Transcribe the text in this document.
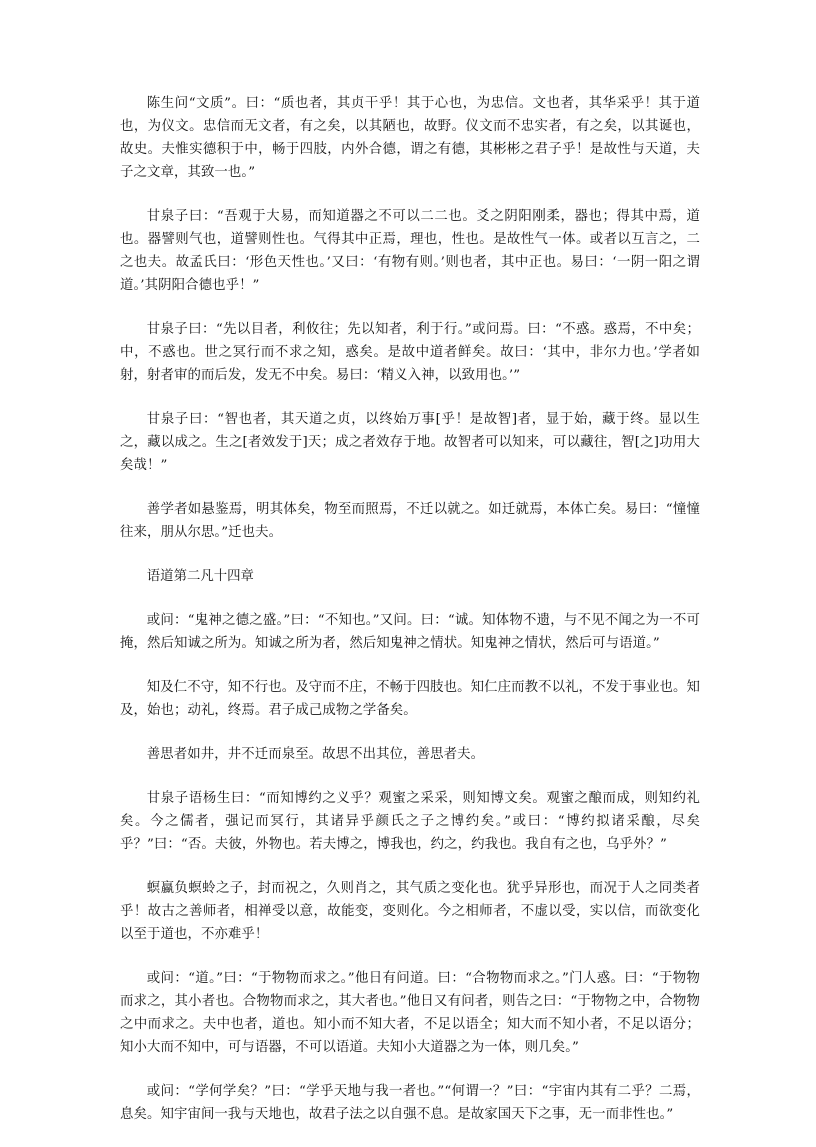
陈生问“文质”。曰：“质也者，其贞干乎！其于心也，为忠信。文也者，其华采乎！其于道也，为仪文。忠信而无文者，有之矣，以其陋也，故野。仪文而不忠实者，有之矣，以其诞也，故史。夫惟实德积于中，畅于四肢，内外合德，谓之有德，其彬彬之君子乎！是故性与天道，夫子之文章，其致一也。”

甘泉子曰：“吾观于大易，而知道器之不可以二二也。爻之阴阳刚柔，器也；得其中焉，道也。器譬则气也，道譬则性也。气得其中正焉，理也，性也。是故性气一体。或者以互言之，二之也夫。故孟氏曰：‘形色天性也。’又曰：‘有物有则。’则也者，其中正也。易曰：‘一阴一阳之谓道。’其阴阳合德也乎！”

甘泉子曰：“先以目者，利攸往；先以知者，利于行。”或问焉。曰：“不惑。惑焉，不中矣；中，不惑也。世之冥行而不求之知，惑矣。是故中道者鲜矣。故曰：‘其中，非尔力也。’学者如射，射者审的而后发，发无不中矣。易曰：‘精义入神，以致用也。’”

甘泉子曰：“智也者，其天道之贞，以终始万事[乎！是故智]者，显于始，藏于终。显以生之，藏以成之。生之[者效发于]天；成之者效存于地。故智者可以知来，可以藏往，智[之]功用大矣哉！”

善学者如悬鉴焉，明其体矣，物至而照焉，不迁以就之。如迁就焉，本体亡矣。易曰：“憧憧往来，朋从尔思。”迁也夫。

语道第二凡十四章

或问：“鬼神之德之盛。”曰：“不知也。”又问。曰：“诚。知体物不遗，与不见不闻之为一不可掩，然后知诚之所为。知诚之所为者，然后知鬼神之情状。知鬼神之情状，然后可与语道。”

知及仁不守，知不行也。及守而不庄，不畅于四肢也。知仁庄而教不以礼，不发于事业也。知及，始也；动礼，终焉。君子成己成物之学备矣。

善思者如井，井不迁而泉至。故思不出其位，善思者夫。

甘泉子语杨生曰：“而知博约之义乎？观蜜之采采，则知博文矣。观蜜之酿而成，则知约礼矣。今之儒者，强记而冥行，其诸异乎颜氏之子之博约矣。”或曰：“博约拟诸采酿，尽矣乎？”曰：“否。夫彼，外物也。若夫博之，博我也，约之，约我也。我自有之也，乌乎外？”

螟蠃负螟蛉之子，封而祝之，久则肖之，其气质之变化也。犹乎异形也，而况于人之同类者乎！故古之善师者，相禅受以意，故能变，变则化。今之相师者，不虚以受，实以信，而欲变化以至于道也，不亦难乎！

或问：“道。”曰：“于物物而求之。”他日有问道。曰：“合物物而求之。”门人惑。曰：“于物物而求之，其小者也。合物物而求之，其大者也。”他日又有问者，则告之曰：“于物物之中，合物物之中而求之。夫中也者，道也。知小而不知大者，不足以语全；知大而不知小者，不足以语分；知小大而不知中，可与语器，不可以语道。夫知小大道器之为一体，则几矣。”

或问：“学何学矣？”曰：“学乎天地与我一者也。”“何谓一？”曰：“宇宙内其有二乎？二焉，息矣。知宇宙间一我与天地也，故君子法之以自强不息。是故家国天下之事，无一而非性也。”
